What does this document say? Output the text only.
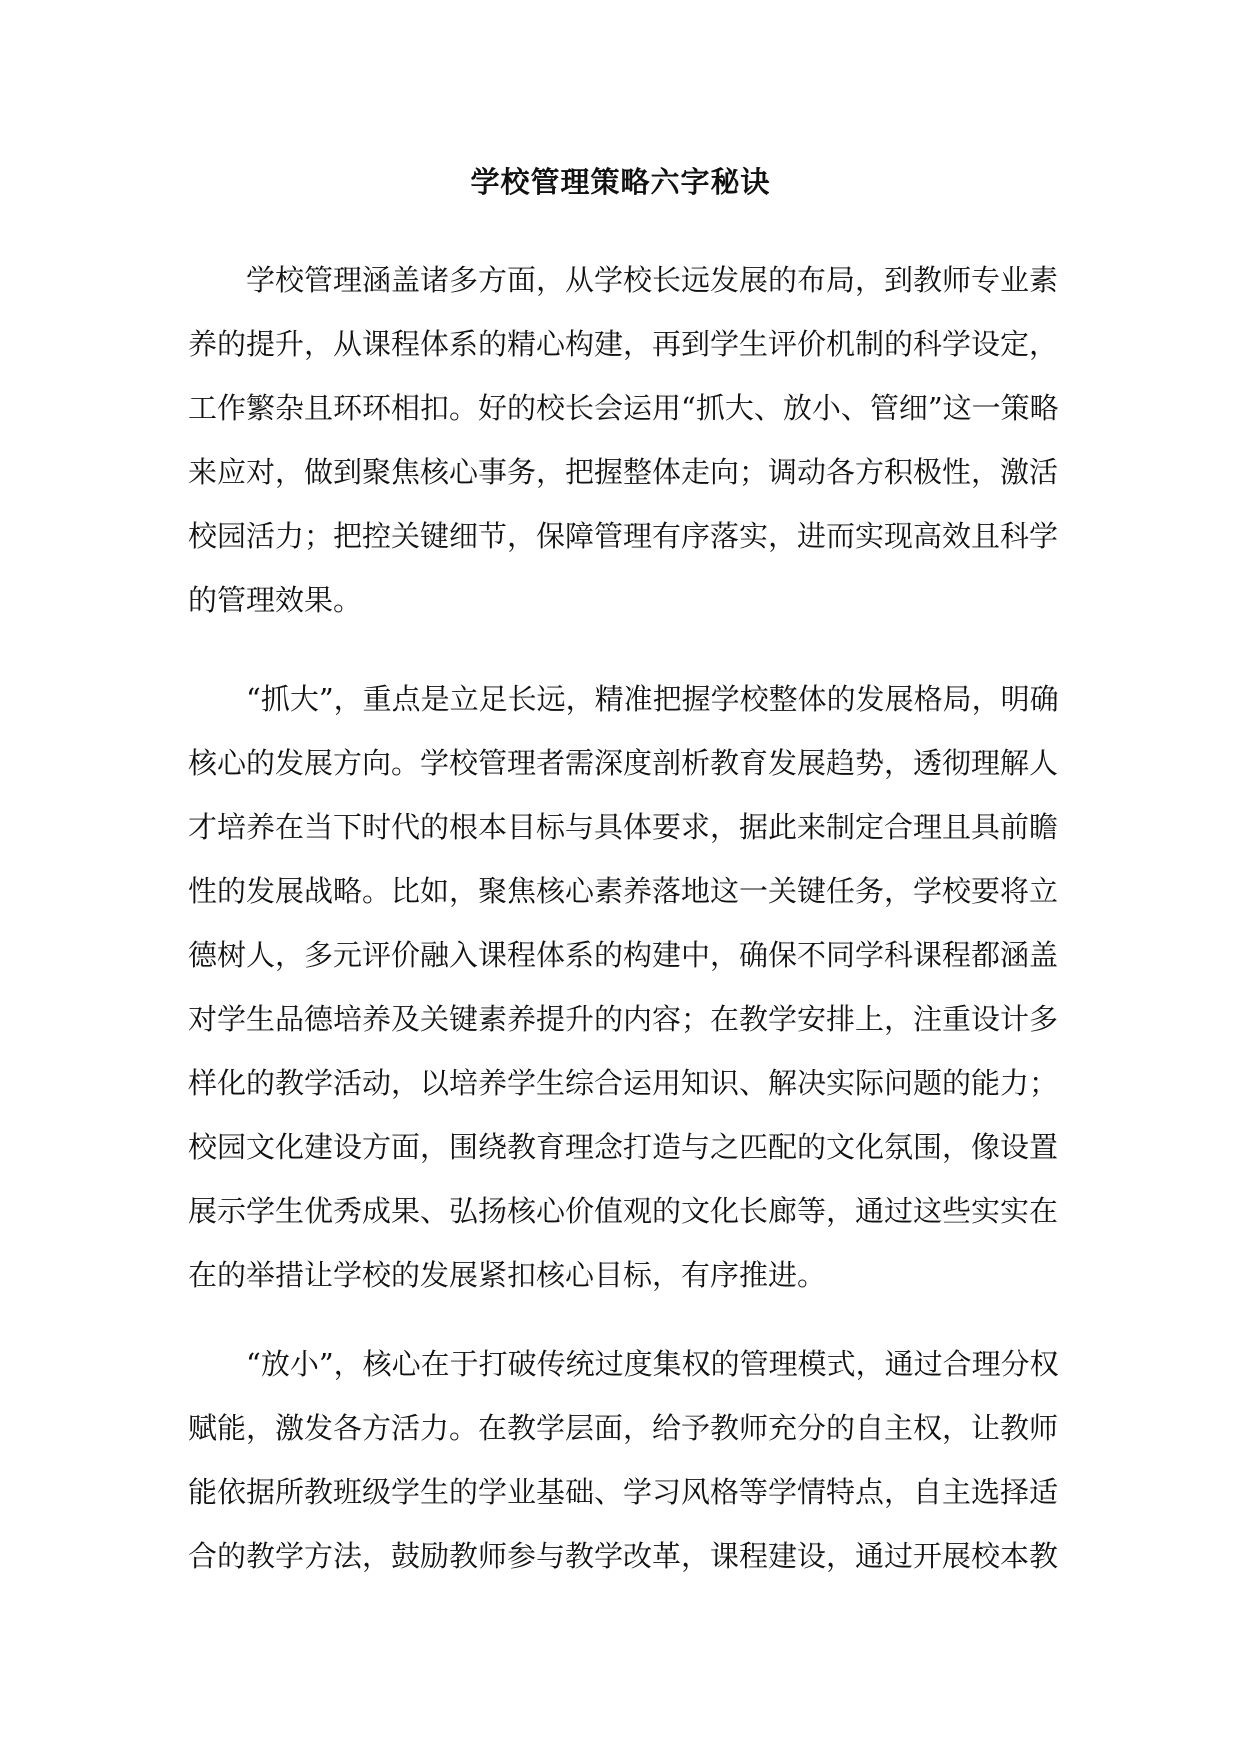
学校管理策略六字秘诀
学校管理涵盖诸多方面，从学校长远发展的布局，到教师专业素
养的提升，从课程体系的精心构建，再到学生评价机制的科学设定，
工作繁杂且环环相扣。好的校长会运用“抓大、放小、管细”这一策略
来应对，做到聚焦核心事务，把握整体走向；调动各方积极性，激活
校园活力；把控关键细节，保障管理有序落实，进而实现高效且科学
的管理效果。
“抓大”，重点是立足长远，精准把握学校整体的发展格局，明确
核心的发展方向。学校管理者需深度剖析教育发展趋势，透彻理解人
才培养在当下时代的根本目标与具体要求，据此来制定合理且具前瞻
性的发展战略。比如，聚焦核心素养落地这一关键任务，学校要将立
德树人，多元评价融入课程体系的构建中，确保不同学科课程都涵盖
对学生品德培养及关键素养提升的内容；在教学安排上，注重设计多
样化的教学活动，以培养学生综合运用知识、解决实际问题的能力；
校园文化建设方面，围绕教育理念打造与之匹配的文化氛围，像设置
展示学生优秀成果、弘扬核心价值观的文化长廊等，通过这些实实在
在的举措让学校的发展紧扣核心目标，有序推进。
“放小”，核心在于打破传统过度集权的管理模式，通过合理分权
赋能，激发各方活力。在教学层面，给予教师充分的自主权，让教师
能依据所教班级学生的学业基础、学习风格等学情特点，自主选择适
合的教学方法，鼓励教师参与教学改革，课程建设，通过开展校本教
